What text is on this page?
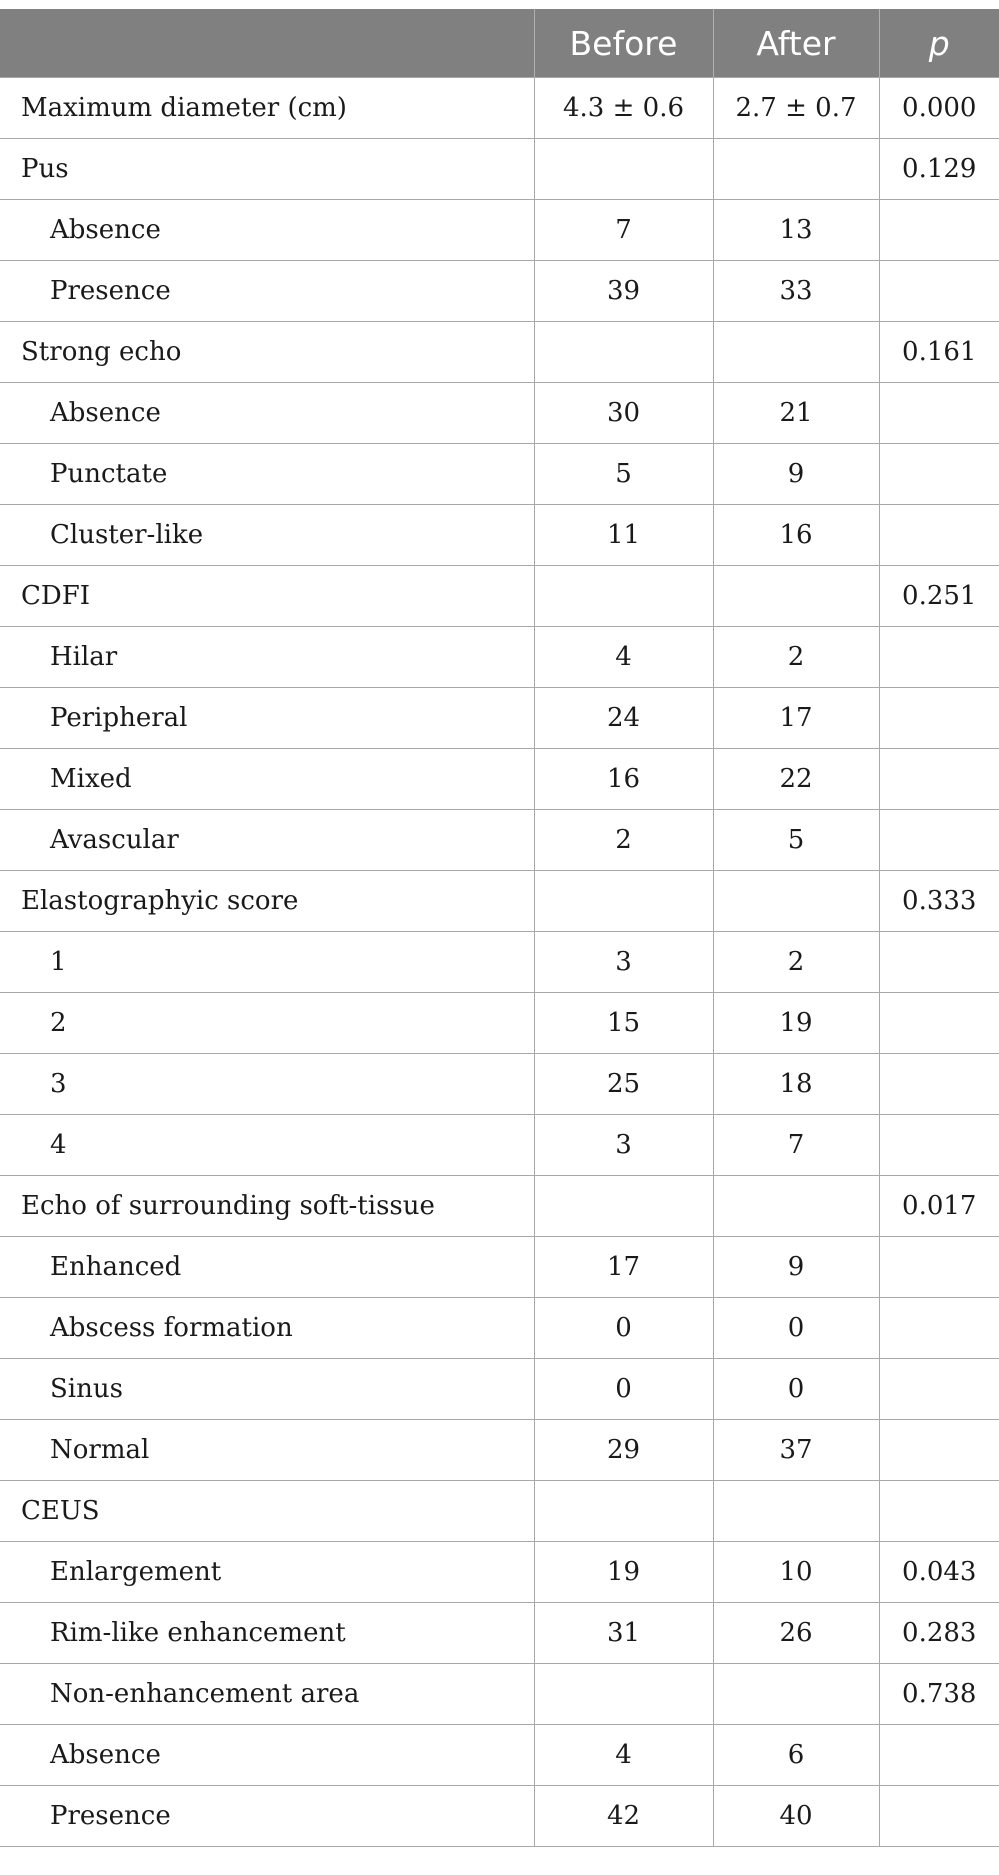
	Before	After	p
Maximum diameter (cm)	4.3 ± 0.6	2.7 ± 0.7	0.000
Pus			0.129
Absence	7	13	
Presence	39	33	
Strong echo			0.161
Absence	30	21	
Punctate	5	9	
Cluster-like	11	16	
CDFI			0.251
Hilar	4	2	
Peripheral	24	17	
Mixed	16	22	
Avascular	2	5	
Elastographyic score			0.333
1	3	2	
2	15	19	
3	25	18	
4	3	7	
Echo of surrounding soft-tissue			0.017
Enhanced	17	9	
Abscess formation	0	0	
Sinus	0	0	
Normal	29	37	
CEUS			
Enlargement	19	10	0.043
Rim-like enhancement	31	26	0.283
Non-enhancement area			0.738
Absence	4	6	
Presence	42	40	
